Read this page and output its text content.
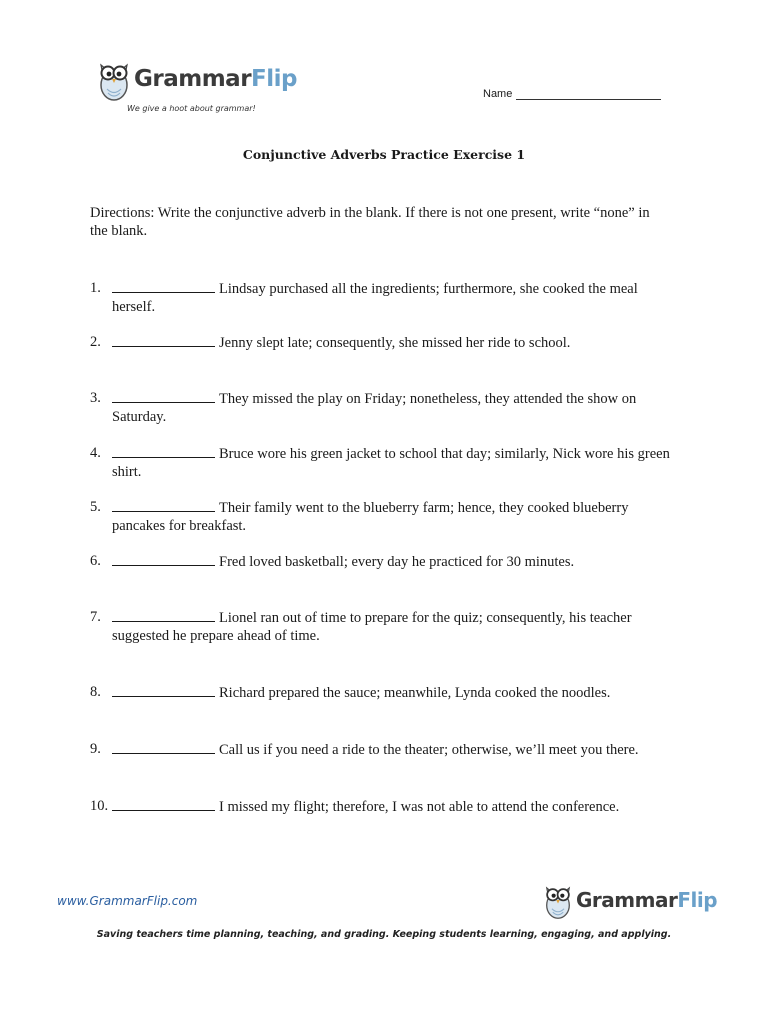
GrammarFlip
We give a hoot about grammar!
Name
Conjunctive Adverbs Practice Exercise 1
Directions: Write the conjunctive adverb in the blank. If there is not one present, write “none” in the blank.
1.	Lindsay purchased all the ingredients; furthermore, she cooked the meal herself.
2.	Jenny slept late; consequently, she missed her ride to school.
3.	They missed the play on Friday; nonetheless, they attended the show on Saturday.
4.	Bruce wore his green jacket to school that day; similarly, Nick wore his green shirt.
5.	Their family went to the blueberry farm; hence, they cooked blueberry pancakes for breakfast.
6.	Fred loved basketball; every day he practiced for 30 minutes.
7.	Lionel ran out of time to prepare for the quiz; consequently, his teacher suggested he prepare ahead of time.
8.	Richard prepared the sauce; meanwhile, Lynda cooked the noodles.
9.	Call us if you need a ride to the theater; otherwise, we’ll meet you there.
10.	I missed my flight; therefore, I was not able to attend the conference.
www.GrammarFlip.com	GrammarFlip
Saving teachers time planning, teaching, and grading. Keeping students learning, engaging, and applying.
